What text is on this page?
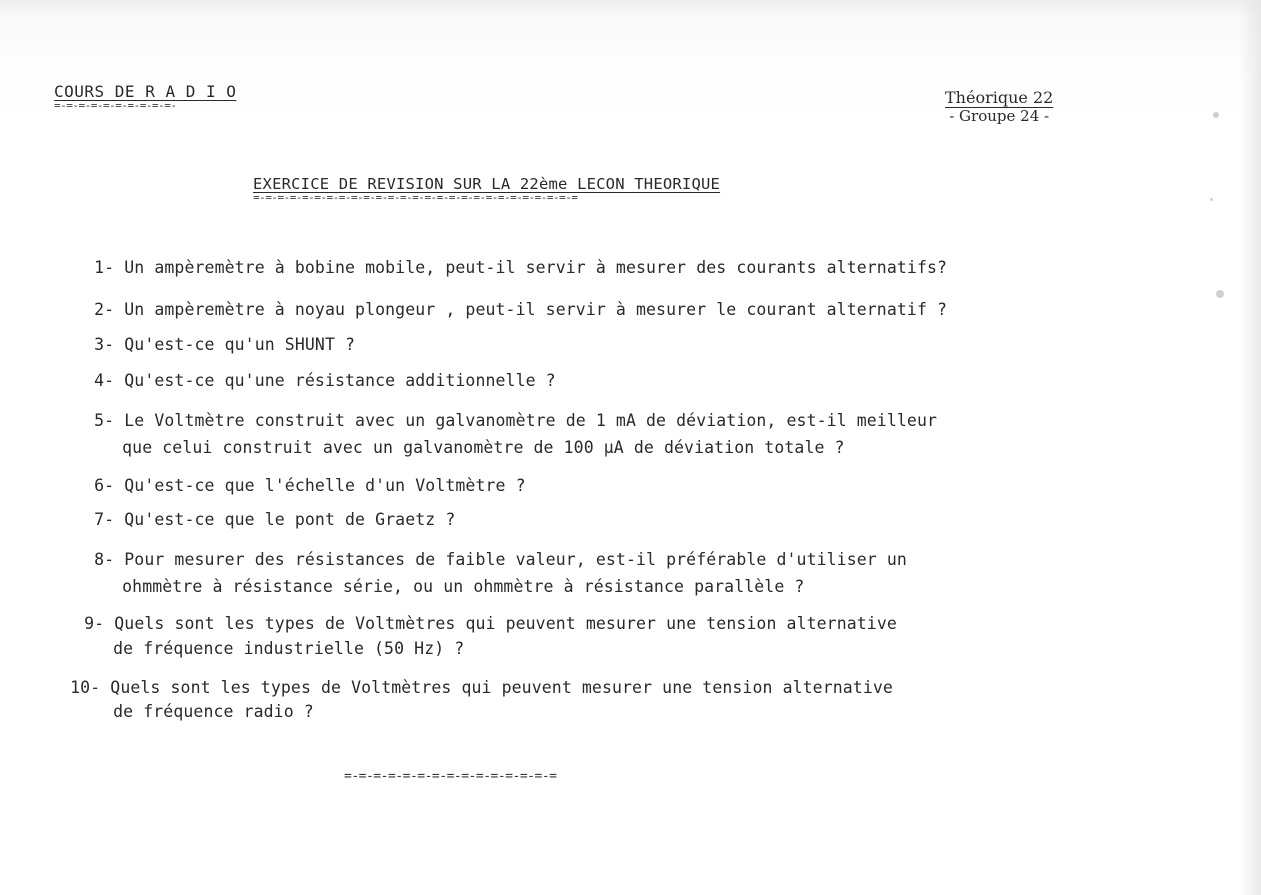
COURS DE R A D I O
=-=-=-=-=-=-=-=-=-=-	Théorique 22
- Groupe 24 -
EXERCICE DE REVISION SUR LA 22ème LECON THEORIQUE
=-=-=-=-=-=-=-=-=-=-=-=-=-=-=-=-=-=-=-=-=-=-=-=-=-=-=

1- Un ampèremètre à bobine mobile, peut-il servir à mesurer des courants alternatifs?

2- Un ampèremètre à noyau plongeur , peut-il servir à mesurer le courant alternatif ?

3- Qu'est-ce qu'un SHUNT ?

4- Qu'est-ce qu'une résistance additionnelle ?

5- Le Voltmètre construit avec un galvanomètre de 1 mA de déviation, est-il meilleur

que celui construit avec un galvanomètre de 100 µA de déviation totale ?

6- Qu'est-ce que l'échelle d'un Voltmètre ?

7- Qu'est-ce que le pont de Graetz ?

8- Pour mesurer des résistances de faible valeur, est-il préférable d'utiliser un

ohmmètre à résistance série, ou un ohmmètre à résistance parallèle ?

9- Quels sont les types de Voltmètres qui peuvent mesurer une tension alternative

de fréquence industrielle (50 Hz) ?

10- Quels sont les types de Voltmètres qui peuvent mesurer une tension alternative

de fréquence radio ?

=-=-=-=-=-=-=-=-=-=-=-=-=-=-=
